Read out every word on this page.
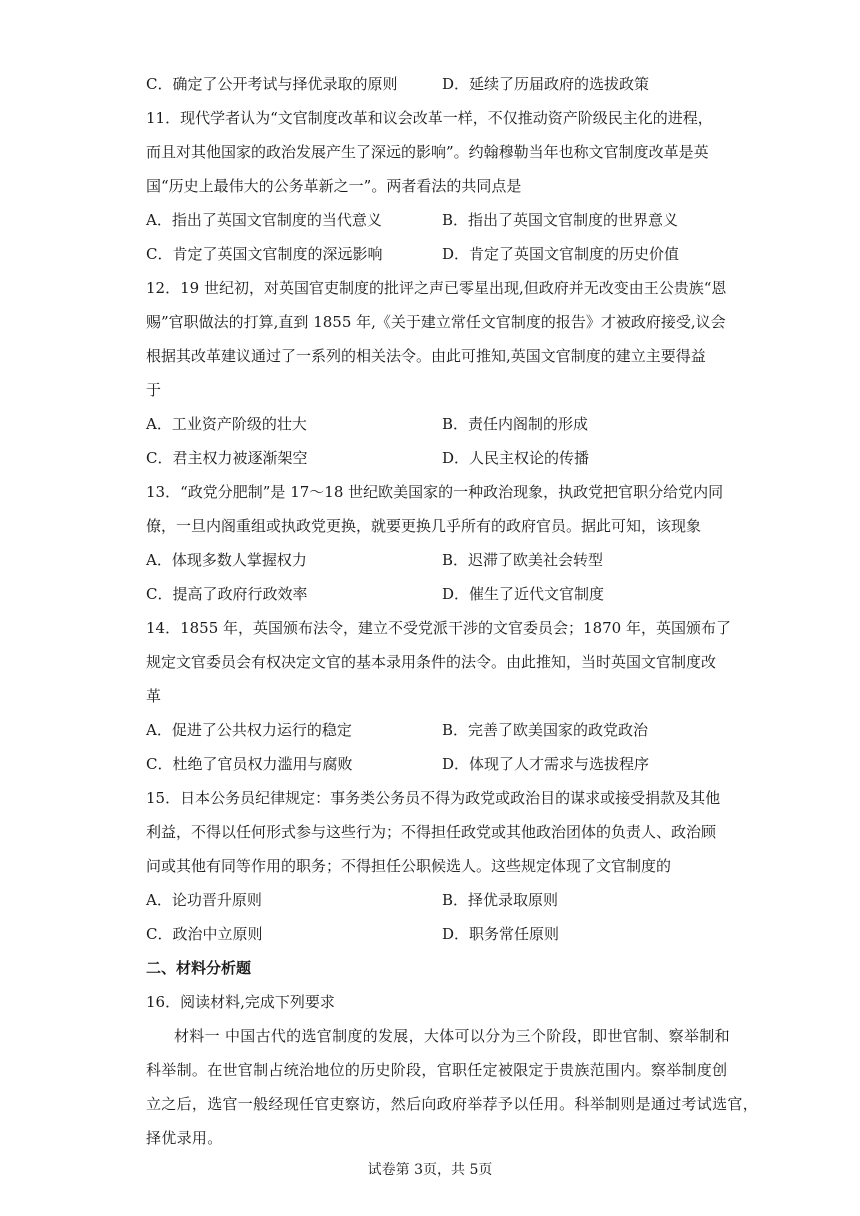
C．确定了公开考试与择优录取的原则	D．延续了历届政府的选拔政策
11．现代学者认为“文官制度改革和议会改革一样，不仅推动资产阶级民主化的进程，
而且对其他国家的政治发展产生了深远的影响”。约翰穆勒当年也称文官制度改革是英
国“历史上最伟大的公务革新之一”。两者看法的共同点是
A．指出了英国文官制度的当代意义	B．指出了英国文官制度的世界意义
C．肯定了英国文官制度的深远影响	D．肯定了英国文官制度的历史价值
12．19 世纪初，对英国官吏制度的批评之声已零星出现,但政府并无改变由王公贵族“恩
赐”官职做法的打算,直到 1855 年,《关于建立常任文官制度的报告》才被政府接受,议会
根据其改革建议通过了一系列的相关法令。由此可推知,英国文官制度的建立主要得益
于
A．工业资产阶级的壮大	B．责任内阁制的形成
C．君主权力被逐渐架空	D．人民主权论的传播
13．“政党分肥制”是 17～18 世纪欧美国家的一种政治现象，执政党把官职分给党内同
僚，一旦内阁重组或执政党更换，就要更换几乎所有的政府官员。据此可知，该现象
A．体现多数人掌握权力	B．迟滞了欧美社会转型
C．提高了政府行政效率	D．催生了近代文官制度
14．1855 年，英国颁布法令，建立不受党派干涉的文官委员会；1870 年，英国颁布了
规定文官委员会有权决定文官的基本录用条件的法令。由此推知，当时英国文官制度改
革
A．促进了公共权力运行的稳定	B．完善了欧美国家的政党政治
C．杜绝了官员权力滥用与腐败	D．体现了人才需求与选拔程序
15．日本公务员纪律规定：事务类公务员不得为政党或政治目的谋求或接受捐款及其他
利益，不得以任何形式参与这些行为；不得担任政党或其他政治团体的负责人、政治顾
问或其他有同等作用的职务；不得担任公职候选人。这些规定体现了文官制度的
A．论功晋升原则	B．择优录取原则
C．政治中立原则	D．职务常任原则
二、材料分析题
16．阅读材料,完成下列要求
材料一 中国古代的选官制度的发展，大体可以分为三个阶段，即世官制、察举制和
科举制。在世官制占统治地位的历史阶段，官职任定被限定于贵族范围内。察举制度创
立之后，选官一般经现任官吏察访，然后向政府举荐予以任用。科举制则是通过考试选官，
择优录用。
试卷第 3页，共 5页
